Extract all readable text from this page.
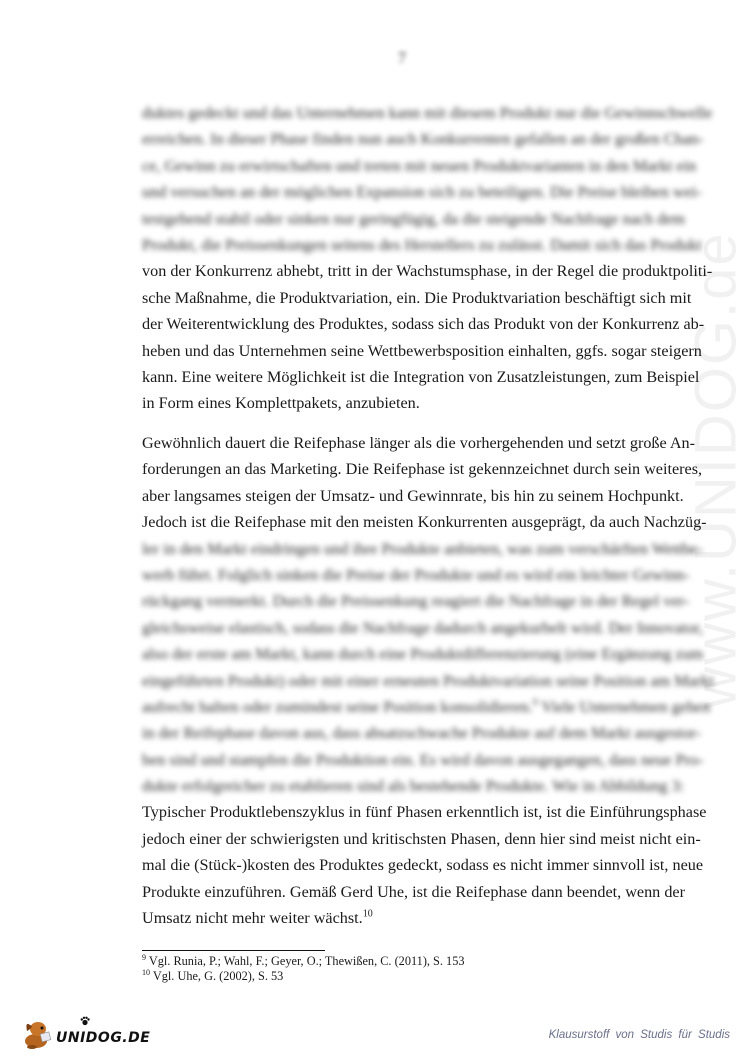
7
www.UNIDOG.de
duktes gedeckt und das Unternehmen kann mit diesem Produkt nur die Gewinnschwelle
erreichen. In dieser Phase finden nun auch Konkurrenten gefallen an der großen Chan-
ce, Gewinn zu erwirtschaften und treten mit neuen Produktvarianten in den Markt ein
und versuchen an der möglichen Expansion sich zu beteiligen. Die Preise bleiben wei-
testgehend stabil oder sinken nur geringfügig, da die steigende Nachfrage nach dem
Produkt, die Preissenkungen seitens des Herstellers zu zulässt. Damit sich das Produkt
von der Konkurrenz abhebt, tritt in der Wachstumsphase, in der Regel die produktpoliti-
sche Maßnahme, die Produktvariation, ein. Die Produktvariation beschäftigt sich mit
der Weiterentwicklung des Produktes, sodass sich das Produkt von der Konkurrenz ab-
heben und das Unternehmen seine Wettbewerbsposition einhalten, ggfs. sogar steigern
kann. Eine weitere Möglichkeit ist die Integration von Zusatzleistungen, zum Beispiel
in Form eines Komplettpakets, anzubieten.
Gewöhnlich dauert die Reifephase länger als die vorhergehenden und setzt große An-
forderungen an das Marketing. Die Reifephase ist gekennzeichnet durch sein weiteres,
aber langsames steigen der Umsatz- und Gewinnrate, bis hin zu seinem Hochpunkt.
Jedoch ist die Reifephase mit den meisten Konkurrenten ausgeprägt, da auch Nachzüg-
ler in den Markt eindringen und ihre Produkte anbieten, was zum verschärften Wettbe-
werb führt. Folglich sinken die Preise der Produkte und es wird ein leichter Gewinn-
rückgang vermerkt. Durch die Preissenkung reagiert die Nachfrage in der Regel ver-
gleichsweise elastisch, sodass die Nachfrage dadurch angekurbelt wird. Der Innovator,
also der erste am Markt, kann durch eine Produktdifferenzierung (eine Ergänzung zum
eingeführten Produkt) oder mit einer erneuten Produktvariation seine Position am Markt
aufrecht halten oder zumindest seine Position konsolidieren.$^9$ Viele Unternehmen gehen
in der Reifephase davon aus, dass absatzschwache Produkte auf dem Markt ausgestor-
ben sind und stampfen die Produktion ein. Es wird davon ausgegangen, dass neue Pro-
dukte erfolgreicher zu etablieren sind als bestehende Produkte. Wie in Abbildung 3:
Typischer Produktlebenszyklus in fünf Phasen erkenntlich ist, ist die Einführungsphase
jedoch einer der schwierigsten und kritischsten Phasen, denn hier sind meist nicht ein-
mal die (Stück-)kosten des Produktes gedeckt, sodass es nicht immer sinnvoll ist, neue
Produkte einzuführen. Gemäß Gerd Uhe, ist die Reifephase dann beendet, wenn der
Umsatz nicht mehr weiter wächst.$^{10}$
$^9$ Vgl. Runia, P.; Wahl, F.; Geyer, O.; Thewißen, C. (2011), S. 153
$^{10}$ Vgl. Uhe, G. (2002), S. 53
UNIDOG.DE	Klausurstoff von Studis für Studis
